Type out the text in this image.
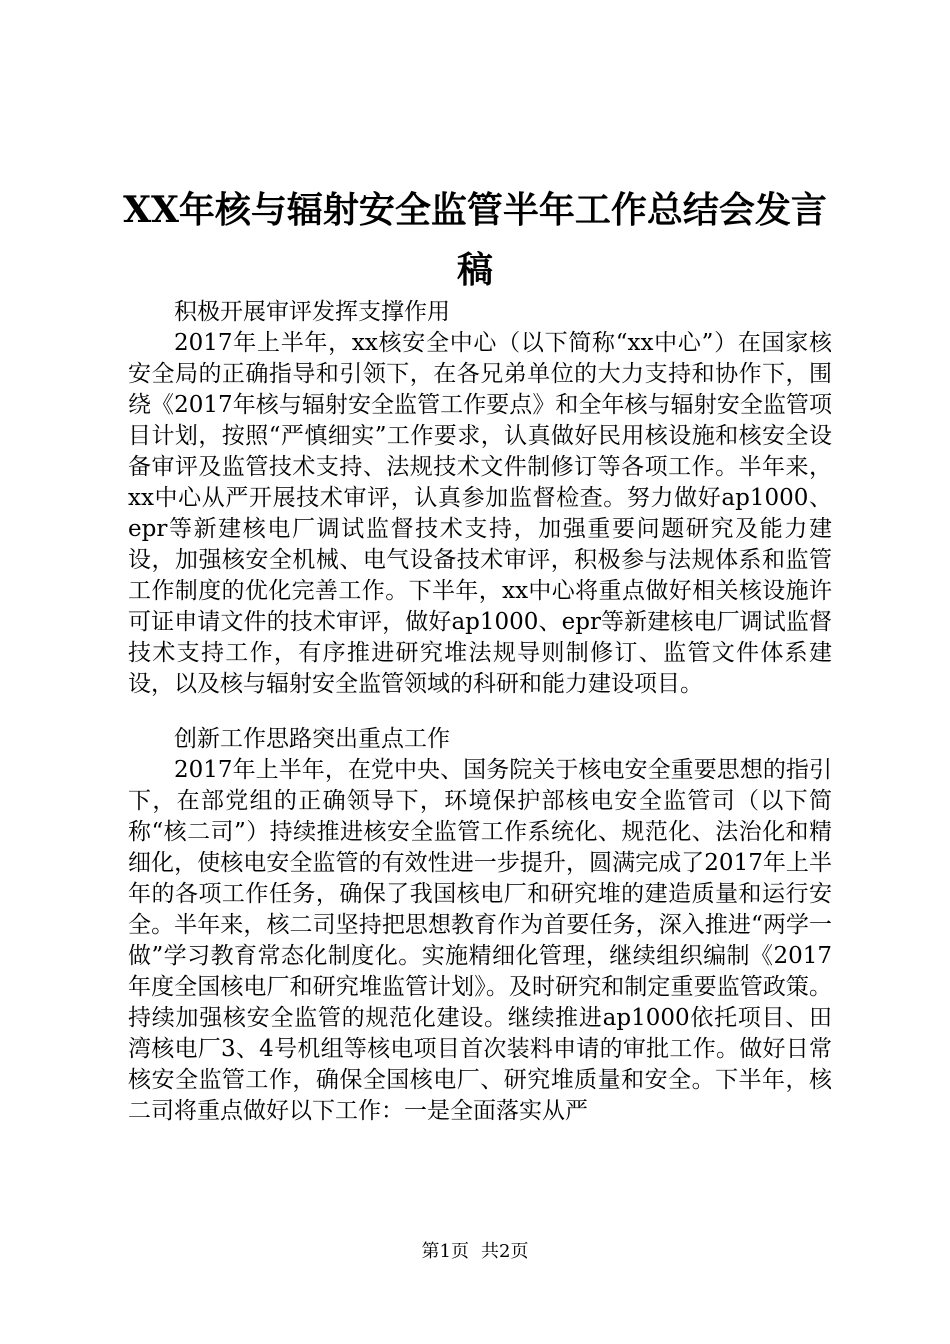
XX年核与辐射安全监管半年工作总结会发言稿

积极开展审评发挥支撑作用

2017年上半年，xx核安全中心（以下简称“xx中心”）在国家核安全局的正确指导和引领下，在各兄弟单位的大力支持和协作下，围绕《2017年核与辐射安全监管工作要点》和全年核与辐射安全监管项目计划，按照“严慎细实”工作要求，认真做好民用核设施和核安全设备审评及监管技术支持、法规技术文件制修订等各项工作。半年来，xx中心从严开展技术审评，认真参加监督检查。努力做好ap1000、epr等新建核电厂调试监督技术支持，加强重要问题研究及能力建设，加强核安全机械、电气设备技术审评，积极参与法规体系和监管工作制度的优化完善工作。下半年，xx中心将重点做好相关核设施许可证申请文件的技术审评，做好ap1000、epr等新建核电厂调试监督技术支持工作，有序推进研究堆法规导则制修订、监管文件体系建设，以及核与辐射安全监管领域的科研和能力建设项目。

创新工作思路突出重点工作

2017年上半年，在党中央、国务院关于核电安全重要思想的指引下，在部党组的正确领导下，环境保护部核电安全监管司（以下简称“核二司”）持续推进核安全监管工作系统化、规范化、法治化和精细化，使核电安全监管的有效性进一步提升，圆满完成了2017年上半年的各项工作任务，确保了我国核电厂和研究堆的建造质量和运行安全。半年来，核二司坚持把思想教育作为首要任务，深入推进“两学一做”学习教育常态化制度化。实施精细化管理，继续组织编制《2017年度全国核电厂和研究堆监管计划》。及时研究和制定重要监管政策。持续加强核安全监管的规范化建设。继续推进ap1000依托项目、田湾核电厂3、4号机组等核电项目首次装料申请的审批工作。做好日常核安全监管工作，确保全国核电厂、研究堆质量和安全。下半年，核二司将重点做好以下工作：一是全面落实从严

第1页 共2页
